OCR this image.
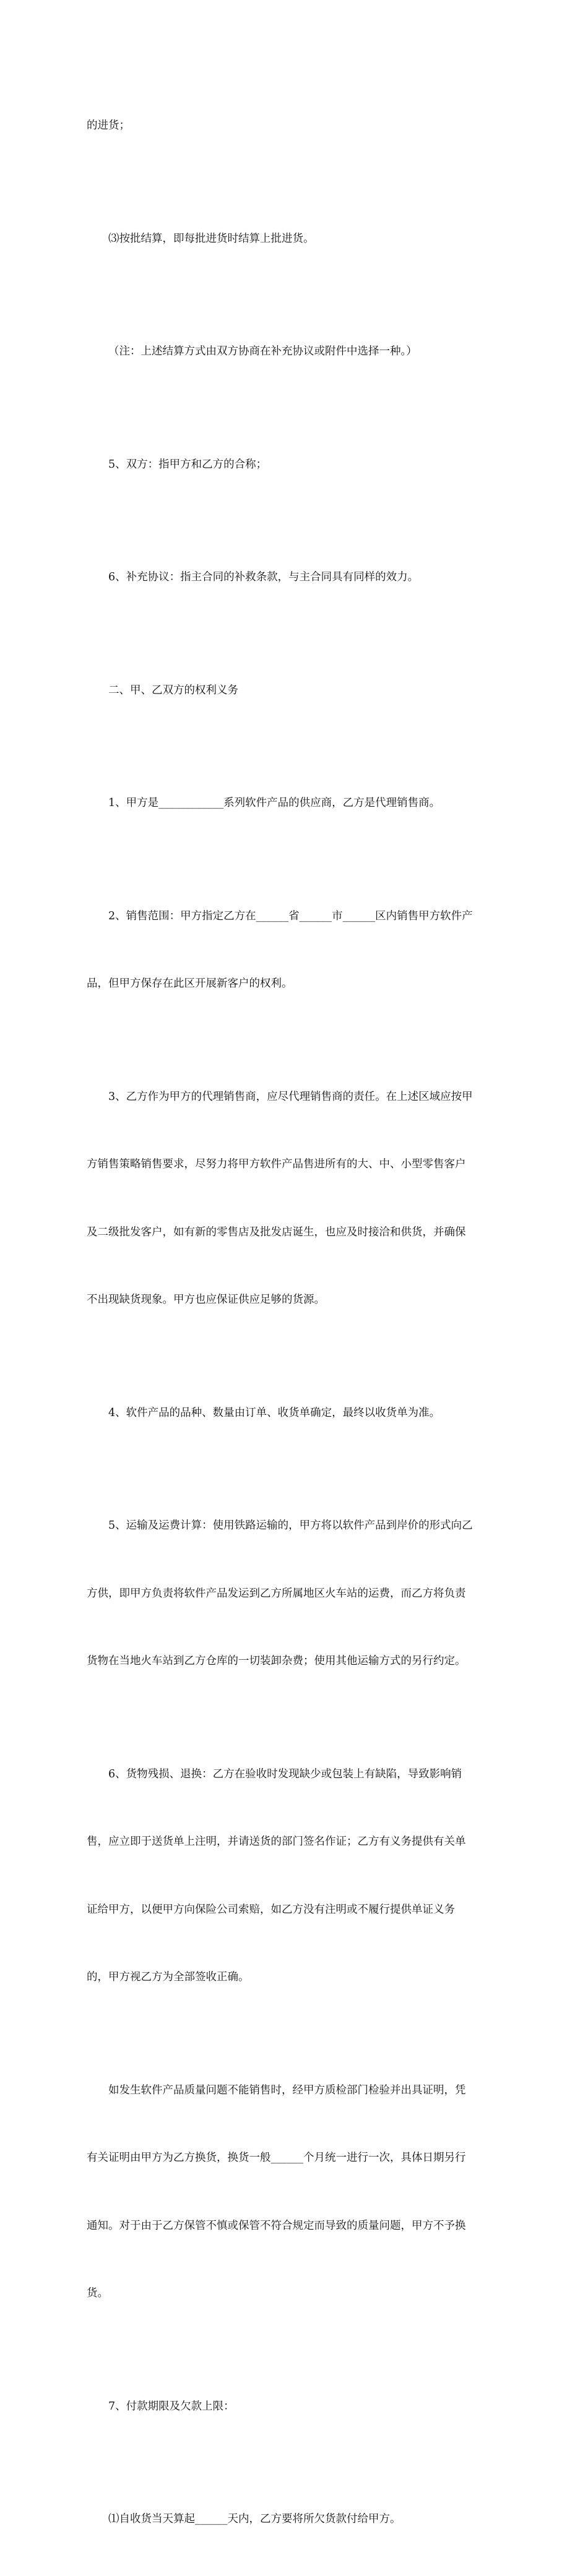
的进货；

⑶按批结算，即每批进货时结算上批进货。

（注：上述结算方式由双方协商在补充协议或附件中选择一种。）

5、双方：指甲方和乙方的合称；

6、补充协议：指主合同的补救条款，与主合同具有同样的效力。

二、甲、乙双方的权利义务

1、甲方是____________系列软件产品的供应商，乙方是代理销售商。

2、销售范围：甲方指定乙方在______省______市______区内销售甲方软件产

品，但甲方保存在此区开展新客户的权利。

3、乙方作为甲方的代理销售商，应尽代理销售商的责任。在上述区域应按甲

方销售策略销售要求，尽努力将甲方软件产品售进所有的大、中、小型零售客户

及二级批发客户，如有新的零售店及批发店诞生，也应及时接洽和供货，并确保

不出现缺货现象。甲方也应保证供应足够的货源。

4、软件产品的品种、数量由订单、收货单确定，最终以收货单为准。

5、运输及运费计算：使用铁路运输的，甲方将以软件产品到岸价的形式向乙

方供，即甲方负责将软件产品发运到乙方所属地区火车站的运费，而乙方将负责

货物在当地火车站到乙方仓库的一切装卸杂费；使用其他运输方式的另行约定。

6、货物残损、退换：乙方在验收时发现缺少或包装上有缺陷，导致影响销

售，应立即于送货单上注明，并请送货的部门签名作证；乙方有义务提供有关单

证给甲方，以便甲方向保险公司索赔，如乙方没有注明或不履行提供单证义务

的，甲方视乙方为全部签收正确。

如发生软件产品质量问题不能销售时，经甲方质检部门检验并出具证明，凭

有关证明由甲方为乙方换货，换货一般______个月统一进行一次，具体日期另行

通知。对于由于乙方保管不慎或保管不符合规定而导致的质量问题，甲方不予换

货。

7、付款期限及欠款上限：

⑴自收货当天算起______天内，乙方要将所欠货款付给甲方。
